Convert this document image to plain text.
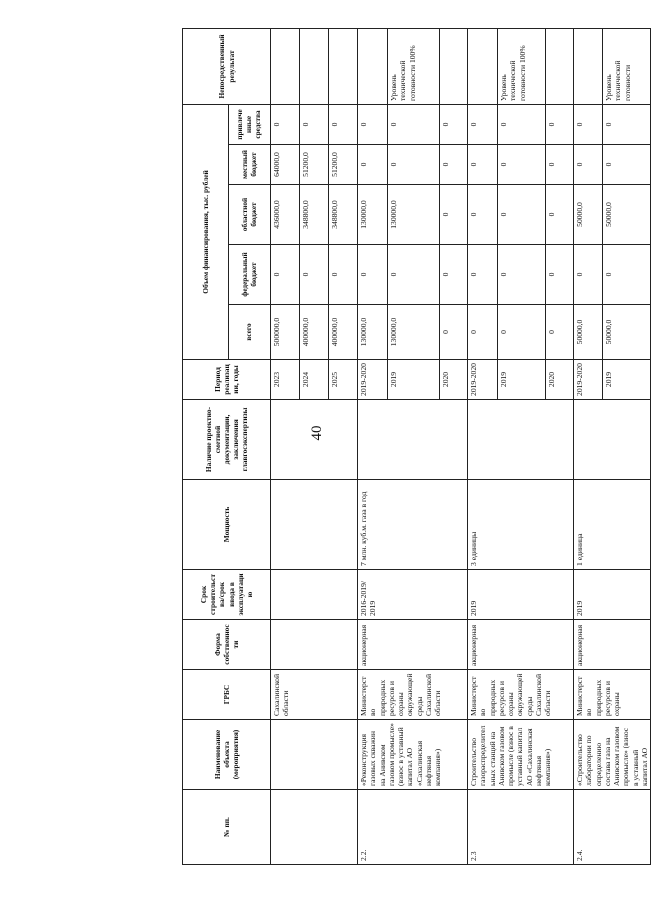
40
№ пп.	Наименование объекта (мероприятия)	ГРБС	Форма собственности	Срок строительства/срок ввода в эксплуатацию	Мощность	Наличие проектно-сметной документации, заключения главгосэкспертизы	Период реализации, годы	Объем финансирования, тыс. рублей					Непосредственный результат
								всего	федеральный бюджет	областной бюджет	местный бюджет	привлеченные средства	
		Сахалинской области					2023	500000,0	0	436000,0	64000,0	0	
							2024	400000,0	0	348800,0	51200,0	0	
							2025	400000,0	0	348800,0	51200,0	0	
2.2.	«Реконструкция газовых скважин на Анивском газовом промысле» (взнос в уставный капитал АО «Сахалинская нефтяная компания»)	Министерство природных ресурсов и охраны окружающей среды Сахалинской области	акционерная	2016-2019/ 2019	7 млн. куб.м. газа в год		2019-2020	130000,0	0	130000,0	0	0	
							2019	130000,0	0	130000,0	0	0	Уровень технической готовности 100%
							2020	0	0	0	0	0	
2.3	Строительство газораспределительных станций на Анивском газовом промысле (взнос в уставный капитал АО «Сахалинская нефтяная компания»)	Министерство природных ресурсов и охраны окружающей среды Сахалинской области	акционерная	2019	3 единицы		2019-2020	0	0	0	0	0	
							2019	0	0	0	0	0	Уровень технической готовности 100%
							2020	0	0	0	0	0	
2.4.	«Строительство лаборатории по определению состава газа на Анивском газовом промысле» (взнос в уставный капитал АО	Министерство природных ресурсов и охраны	акционерная	2019	1 единица		2019-2020	50000,0	0	50000,0	0	0	
							2019	50000,0	0	50000,0	0	0	Уровень технической готовности
